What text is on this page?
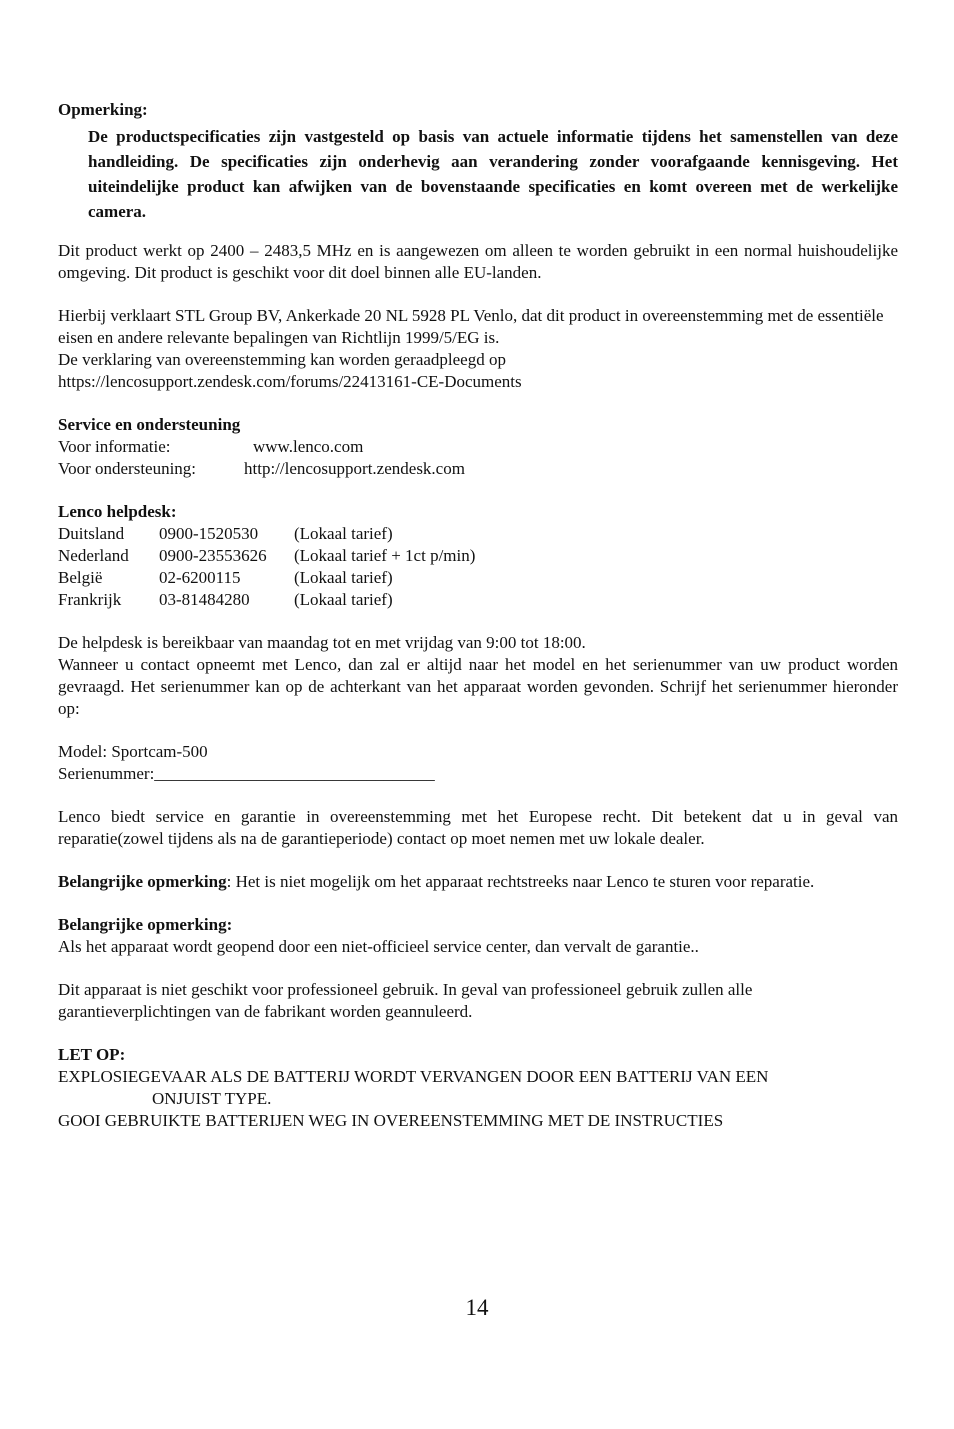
Opmerking:

De productspecificaties zijn vastgesteld op basis van actuele informatie tijdens het samenstellen van deze handleiding. De specificaties zijn onderhevig aan verandering zonder voorafgaande kennisgeving. Het uiteindelijke product kan afwijken van de bovenstaande specificaties en komt overeen met de werkelijke camera.

Dit product werkt op 2400 – 2483,5 MHz en is aangewezen om alleen te worden gebruikt in een normal huishoudelijke omgeving. Dit product is geschikt voor dit doel binnen alle EU-landen.

Hierbij verklaart STL Group BV, Ankerkade 20 NL 5928 PL Venlo, dat dit product in overeenstemming met de essentiële eisen en andere relevante bepalingen van Richtlijn 1999/5/EG is.

De verklaring van overeenstemming kan worden geraadpleegd op

https://lencosupport.zendesk.com/forums/22413161-CE-Documents

Service en ondersteuning

Voor informatie:	www.lenco.com
Voor ondersteuning:	http://lencosupport.zendesk.com

Lenco helpdesk:

Duitsland	0900-1520530	(Lokaal tarief)
Nederland	0900-23553626	(Lokaal tarief + 1ct p/min)
België	02-6200115	(Lokaal tarief)
Frankrijk	03-81484280	(Lokaal tarief)

De helpdesk is bereikbaar van maandag tot en met vrijdag van 9:00 tot 18:00.

Wanneer u contact opneemt met Lenco, dan zal er altijd naar het model en het serienummer van uw product worden gevraagd. Het serienummer kan op de achterkant van het apparaat worden gevonden. Schrijf het serienummer hieronder op:

Model: Sportcam-500

Serienummer:_________________________________

Lenco biedt service en garantie in overeenstemming met het Europese recht. Dit betekent dat u in geval van reparatie(zowel tijdens als na de garantieperiode) contact op moet nemen met uw lokale dealer.

Belangrijke opmerking: Het is niet mogelijk om het apparaat rechtstreeks naar Lenco te sturen voor reparatie.

Belangrijke opmerking:

Als het apparaat wordt geopend door een niet-officieel service center, dan vervalt de garantie..

Dit apparaat is niet geschikt voor professioneel gebruik. In geval van professioneel gebruik zullen alle garantieverplichtingen van de fabrikant worden geannuleerd.

LET OP:

EXPLOSIEGEVAAR ALS DE BATTERIJ WORDT VERVANGEN DOOR EEN BATTERIJ VAN EEN

ONJUIST TYPE.

GOOI GEBRUIKTE BATTERIJEN WEG IN OVEREENSTEMMING MET DE INSTRUCTIES

14
